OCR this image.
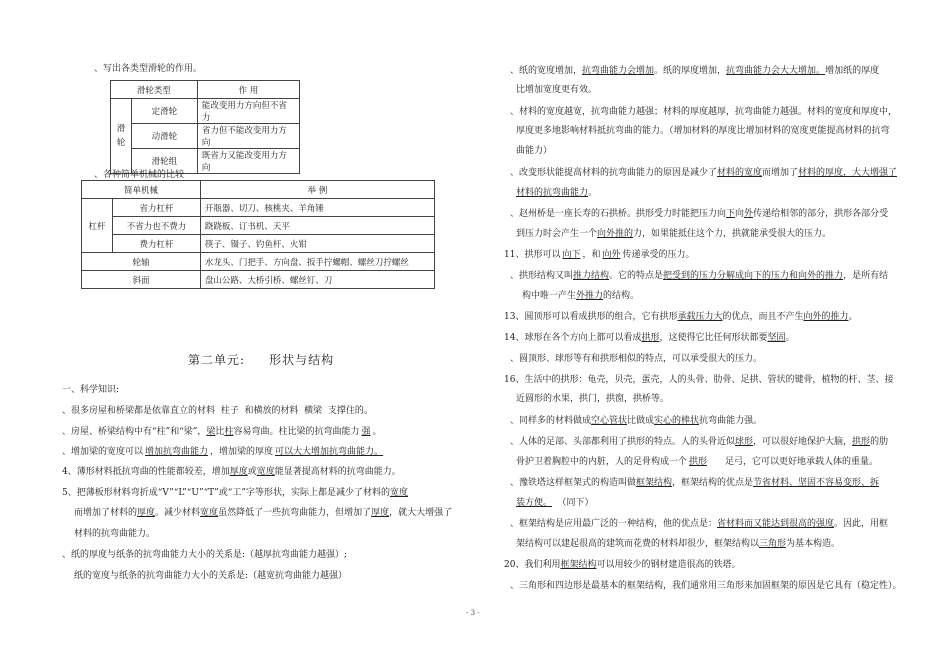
、写出各类型滑轮的作用。
滑轮类型		作 用
滑轮	定滑轮	能改变用力方向但不省力
	动滑轮	省力但不能改变用力方向
	滑轮组	既省力又能改变用力方向
、各种简单机械的比较
简单机械		举 例
杠杆	省力杠杆	开瓶器、切刀、核桃夹、羊角锤
	不省力也不费力	跷跷板、订书机、天平
	费力杠杆	筷子、镊子、钓鱼杆、火钳
轮轴		水龙头、门把手、方向盘、扳手拧螺帽、螺丝刀拧螺丝
斜面		盘山公路、大桥引桥、螺丝钉、刀
第二单元:     形状与结构
一、科学知识:
、很多房屋和桥梁都是依靠直立的材料  柱子  和横放的材料  横梁  支撑住的。
、房屋、桥梁结构中有“柱”和“梁”，梁比柱容易弯曲。柱比梁的抗弯曲能力 强 。
、增加梁的宽度可以 增加抗弯曲能力 ，增加梁的厚度 可以大大增加抗弯曲能力。
4、薄形材料抵抗弯曲的性能都较差，增加厚度或宽度能显著提高材料的抗弯曲能力。
5、把薄板形材料弯折成“V”“L”“U”“T”或“工”字等形状，实际上都是减少了材料的宽度
而增加了材料的厚度。减少材料宽度虽然降低了一些抗弯曲能力，但增加了厚度，就大大增强了
材料的抗弯曲能力。
、纸的厚度与纸条的抗弯曲能力大小的关系是:（越厚抗弯曲能力越强）;
纸的宽度与纸条的抗弯曲能力大小的关系是:（越宽抗弯曲能力越强）
、纸的宽度增加，抗弯曲能力会增加。纸的厚度增加，抗弯曲能力会大大增加。增加纸的厚度
比增加宽度更有效。
、材料的宽度越宽，抗弯曲能力越强；材料的厚度越厚，抗弯曲能力越强。材料的宽度和厚度中，
厚度更多地影响材料抵抗弯曲的能力。（增加材料的厚度比增加材料的宽度更能提高材料的抗弯
曲能力）
、改变形状能提高材料的抗弯曲能力的原因是减少了材料的宽度而增加了材料的厚度，大大增强了
材料的抗弯曲能力。
、赵州桥是一座长寿的石拱桥。拱形受力时能把压力向下向外传递给相邻的部分，拱形各部分受
到压力时会产生一个向外推的力，如果能抵住这个力，拱就能承受很大的压力。
11、拱形可以 向下 ，和 向外 传递承受的压力。
、拱形结构又叫推力结构。它的特点是把受到的压力分解成向下的压力和向外的推力，是所有结
构中唯一产生外推力的结构。
13、圆顶形可以看成拱形的组合，它有拱形承载压力大的优点，而且不产生向外的推力。
14、球形在各个方向上都可以看成拱形，这使得它比任何形状都要坚固。
、圆顶形、球形等有和拱形相似的特点，可以承受很大的压力。
16、生活中的拱形：龟壳，贝壳，蛋壳，人的头骨、肋骨、足拱、管状的键骨，植物的杆、茎、接
近圆形的水果，拱门，拱窗，拱桥等。
、同样多的材料做成空心管状比做成实心的棒状抗弯曲能力强。
、人体的足部、头部都利用了拱形的特点。人的头骨近似球形，可以很好地保护大脑，拱形的肋
骨护卫着胸腔中的内脏，人的足骨构成一个 拱形 足弓，它可以更好地承载人体的重量。
、豫铁塔这样框架式的构造叫做框架结构，框架结构的优点是节省材料、坚固不容易变形、拆
装方便。 （同下）
、框架结构是应用最广泛的一种结构，他的优点是：省材料而又能达到很高的强度。因此，用框
架结构可以建起很高的建筑而花费的材料却很少，框架结构以三角形为基本构造。
20、我们利用框架结构可以用较少的钢材建造很高的铁塔。
、三角形和四边形是最基本的框架结构，我们通常用三角形来加固框架的原因是它具有（稳定性）。
- 3 -
